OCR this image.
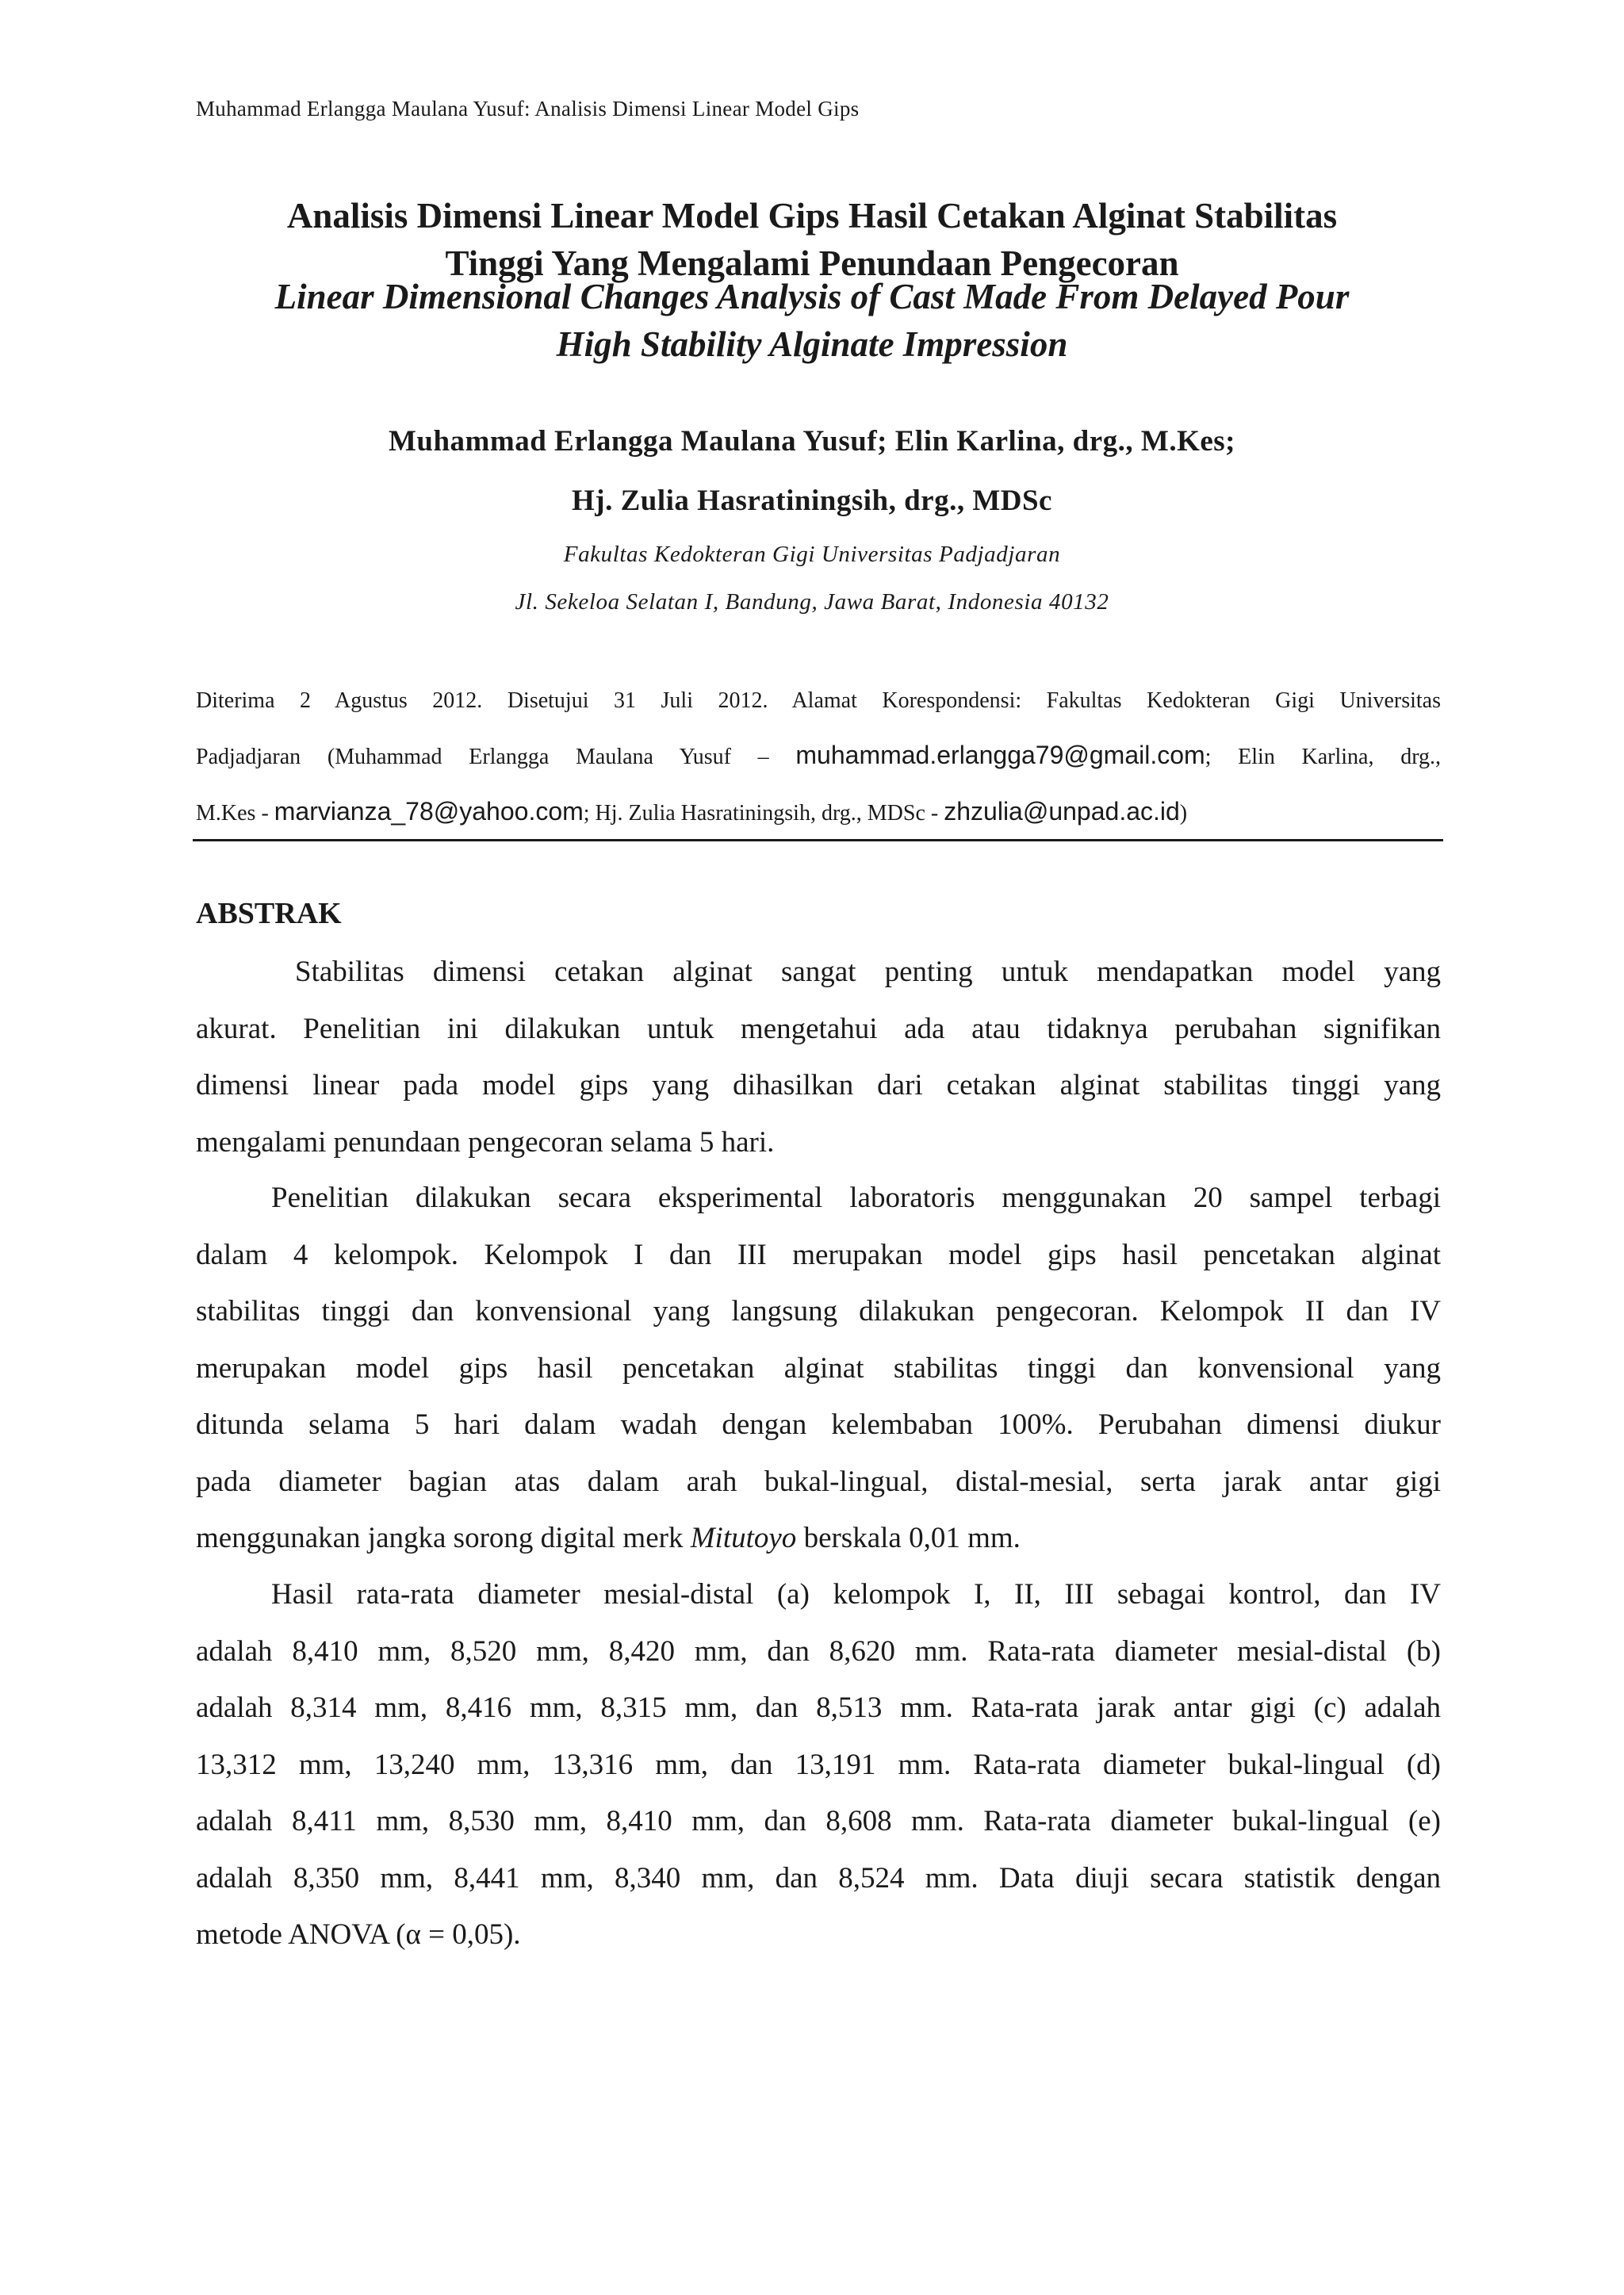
Muhammad Erlangga Maulana Yusuf: Analisis Dimensi Linear Model Gips
Analisis Dimensi Linear Model Gips Hasil Cetakan Alginat Stabilitas
Tinggi Yang Mengalami Penundaan Pengecoran
Linear Dimensional Changes Analysis of Cast Made From Delayed Pour
High Stability Alginate Impression
Muhammad Erlangga Maulana Yusuf; Elin Karlina, drg., M.Kes;
Hj. Zulia Hasratiningsih, drg., MDSc
Fakultas Kedokteran Gigi Universitas Padjadjaran
Jl. Sekeloa Selatan I, Bandung, Jawa Barat, Indonesia 40132
Diterima 2 Agustus 2012. Disetujui 31 Juli 2012. Alamat Korespondensi: Fakultas Kedokteran Gigi Universitas
Padjadjaran (Muhammad Erlangga Maulana Yusuf – muhammad.erlangga79@gmail.com; Elin Karlina, drg.,
M.Kes - marvianza_78@yahoo.com; Hj. Zulia Hasratiningsih, drg., MDSc - zhzulia@unpad.ac.id)
ABSTRAK
Stabilitas dimensi cetakan alginat sangat penting untuk mendapatkan model yang
akurat. Penelitian ini dilakukan untuk mengetahui ada atau tidaknya perubahan signifikan
dimensi linear pada model gips yang dihasilkan dari cetakan alginat stabilitas tinggi yang
mengalami penundaan pengecoran selama 5 hari.
Penelitian dilakukan secara eksperimental laboratoris menggunakan 20 sampel terbagi
dalam 4 kelompok. Kelompok I dan III merupakan model gips hasil pencetakan alginat
stabilitas tinggi dan konvensional yang langsung dilakukan pengecoran. Kelompok II dan IV
merupakan model gips hasil pencetakan alginat stabilitas tinggi dan konvensional yang
ditunda selama 5 hari dalam wadah dengan kelembaban 100%. Perubahan dimensi diukur
pada diameter bagian atas dalam arah bukal-lingual, distal-mesial, serta jarak antar gigi
menggunakan jangka sorong digital merk Mitutoyo berskala 0,01 mm.
Hasil rata-rata diameter mesial-distal (a) kelompok I, II, III sebagai kontrol, dan IV
adalah 8,410 mm, 8,520 mm, 8,420 mm, dan 8,620 mm. Rata-rata diameter mesial-distal (b)
adalah 8,314 mm, 8,416 mm, 8,315 mm, dan 8,513 mm. Rata-rata jarak antar gigi (c) adalah
13,312 mm, 13,240 mm, 13,316 mm, dan 13,191 mm. Rata-rata diameter bukal-lingual (d)
adalah 8,411 mm, 8,530 mm, 8,410 mm, dan 8,608 mm. Rata-rata diameter bukal-lingual (e)
adalah 8,350 mm, 8,441 mm, 8,340 mm, dan 8,524 mm. Data diuji secara statistik dengan
metode ANOVA (α = 0,05).
